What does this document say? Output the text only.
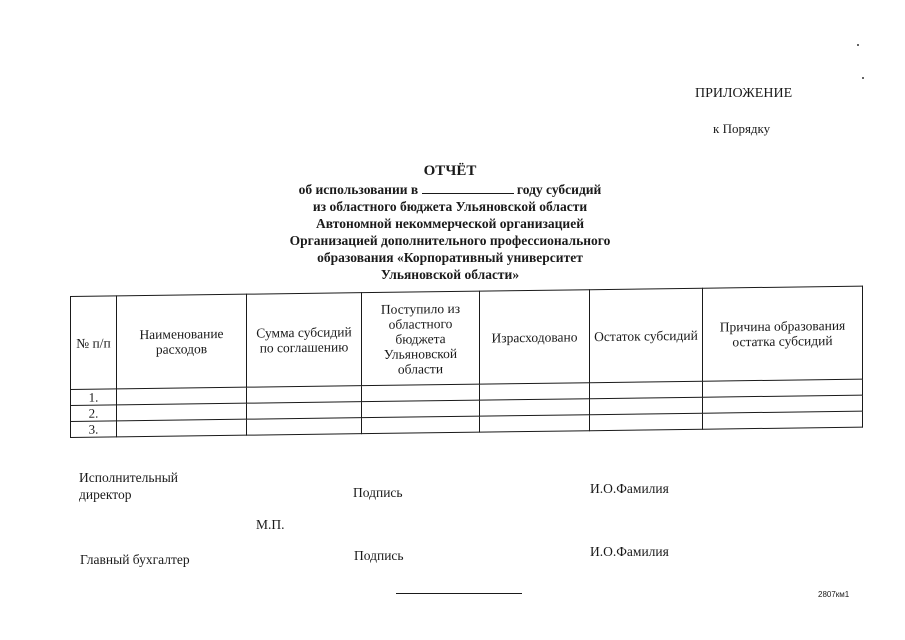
ПРИЛОЖЕНИЕ
к Порядку
ОТЧЁТ
об использовании в	году субсидий
из областного бюджета Ульяновской области
Автономной некоммерческой организацией
Организацией дополнительного профессионального
образования «Корпоративный университет
Ульяновской области»
№ п/п	Наименование расходов	Сумма субсидий по соглашению	Поступило из областного бюджета Ульяновской области	Израсходовано	Остаток субсидий	Причина образования остатка субсидий
1.						
2.						
3.						
Исполнительный директор	Подпись	И.О.Фамилия
М.П.
Главный бухгалтер	Подпись	И.О.Фамилия
2807км1
